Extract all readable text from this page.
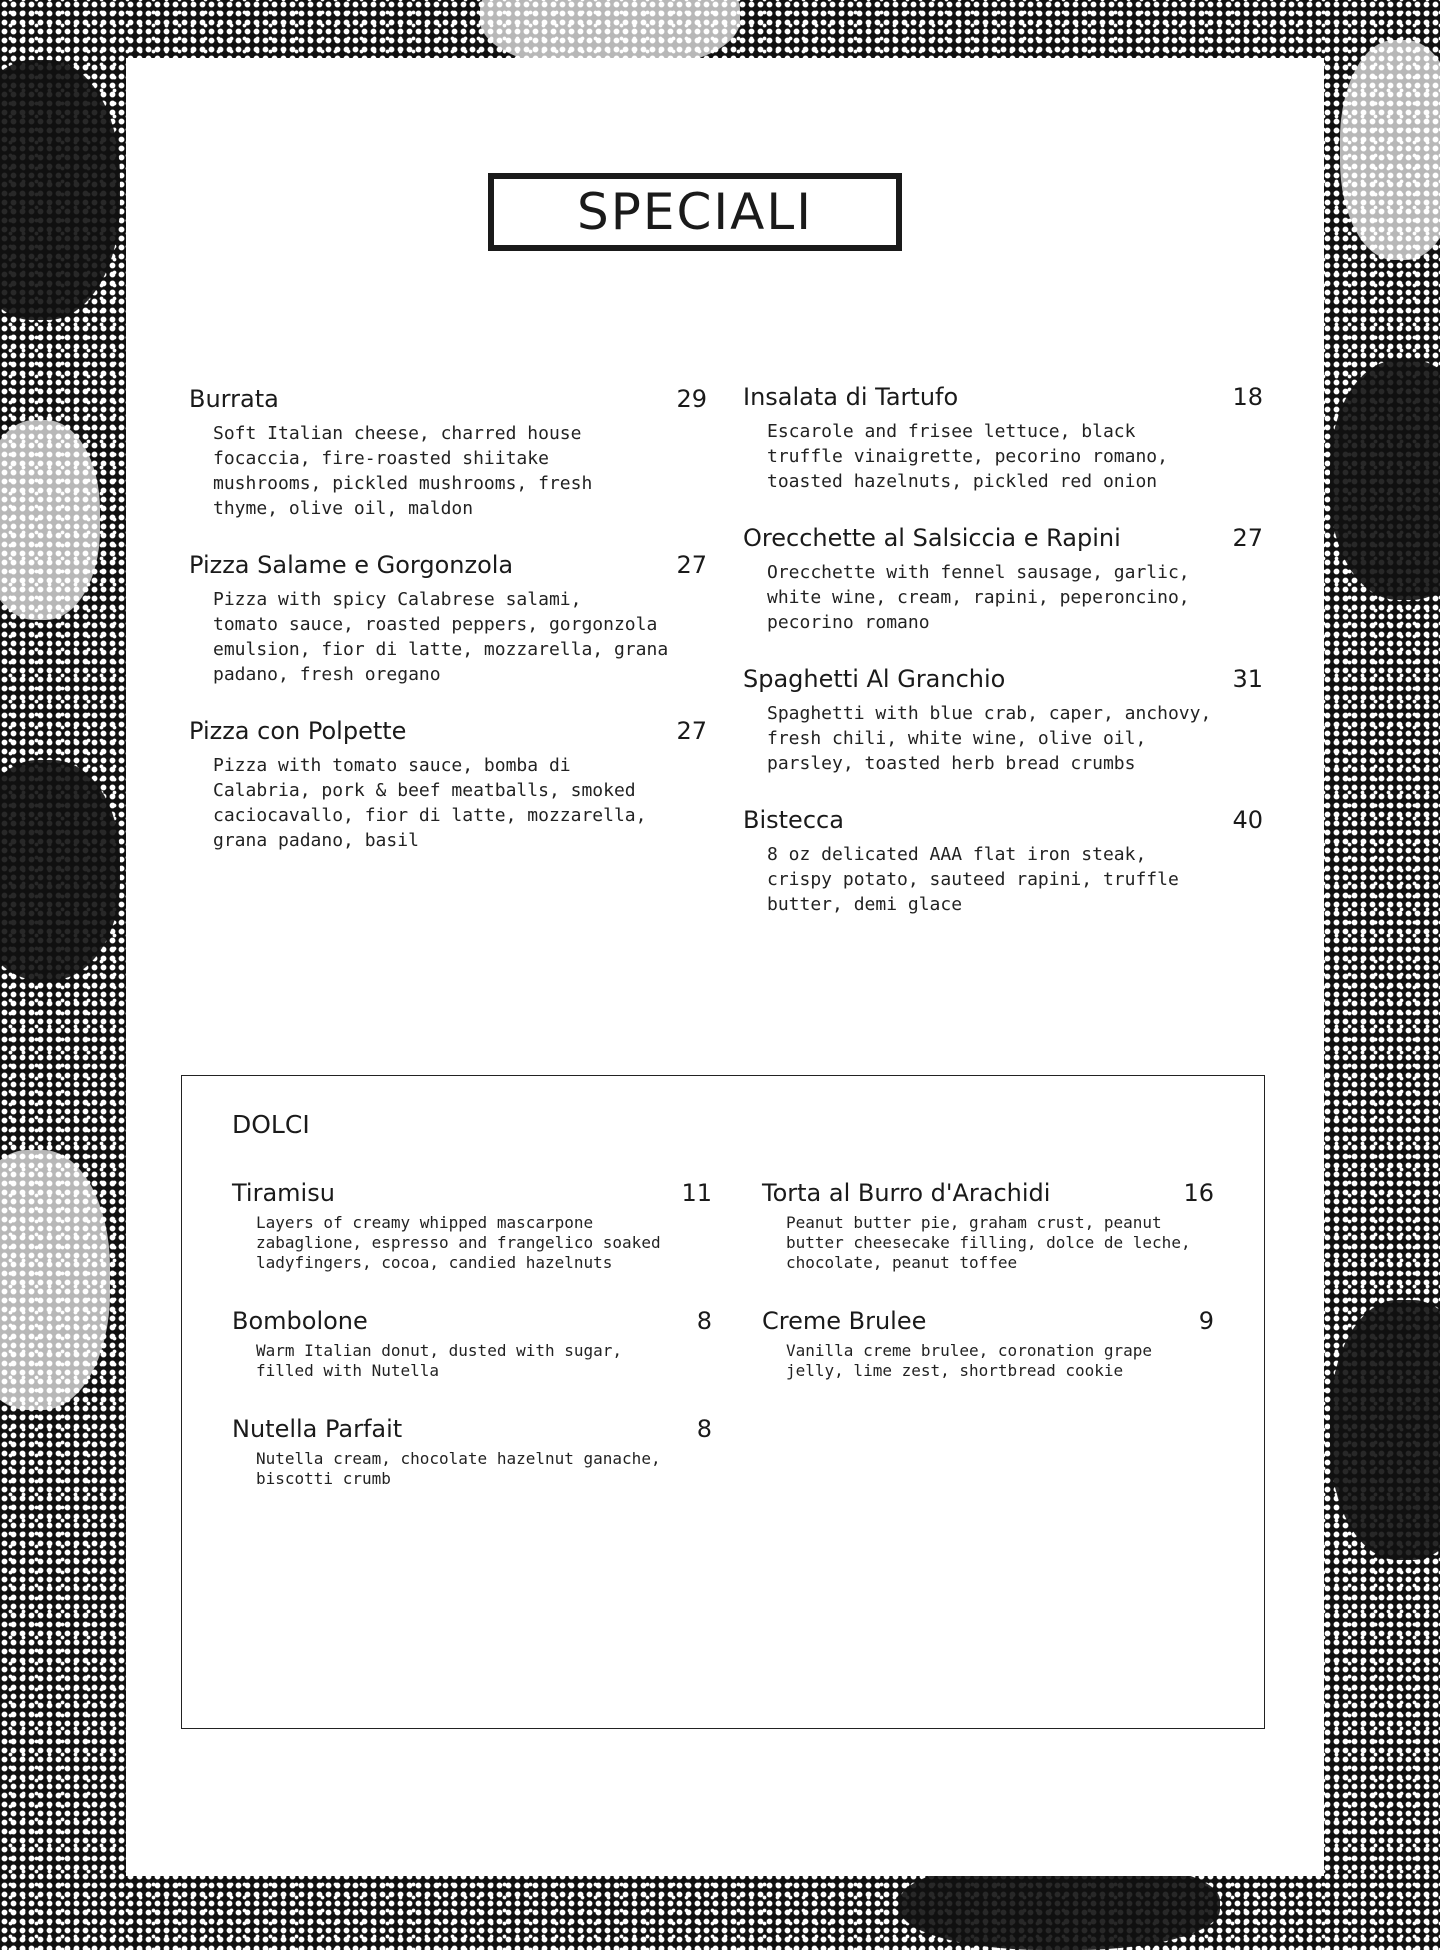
SPECIALI
Burrata	29
Soft Italian cheese, charred house
focaccia, fire-roasted shiitake
mushrooms, pickled mushrooms, fresh
thyme, olive oil, maldon
Pizza Salame e Gorgonzola	27
Pizza with spicy Calabrese salami,
tomato sauce, roasted peppers, gorgonzola
emulsion, fior di latte, mozzarella, grana
padano, fresh oregano
Pizza con Polpette	27
Pizza with tomato sauce, bomba di
Calabria, pork & beef meatballs, smoked
caciocavallo, fior di latte, mozzarella,
grana padano, basil
Insalata di Tartufo	18
Escarole and frisee lettuce, black
truffle vinaigrette, pecorino romano,
toasted hazelnuts, pickled red onion
Orecchette al Salsiccia e Rapini	27
Orecchette with fennel sausage, garlic,
white wine, cream, rapini, peperoncino,
pecorino romano
Spaghetti Al Granchio	31
Spaghetti with blue crab, caper, anchovy,
fresh chili, white wine, olive oil,
parsley, toasted herb bread crumbs
Bistecca	40
8 oz delicated AAA flat iron steak,
crispy potato, sauteed rapini, truffle
butter, demi glace
DOLCI
Tiramisu	11
Layers of creamy whipped mascarpone
zabaglione, espresso and frangelico soaked
ladyfingers, cocoa, candied hazelnuts
Bombolone	8
Warm Italian donut, dusted with sugar,
filled with Nutella
Nutella Parfait	8
Nutella cream, chocolate hazelnut ganache,
biscotti crumb
Torta al Burro d'Arachidi	16
Peanut butter pie, graham crust, peanut
butter cheesecake filling, dolce de leche,
chocolate, peanut toffee
Creme Brulee	9
Vanilla creme brulee, coronation grape
jelly, lime zest, shortbread cookie
